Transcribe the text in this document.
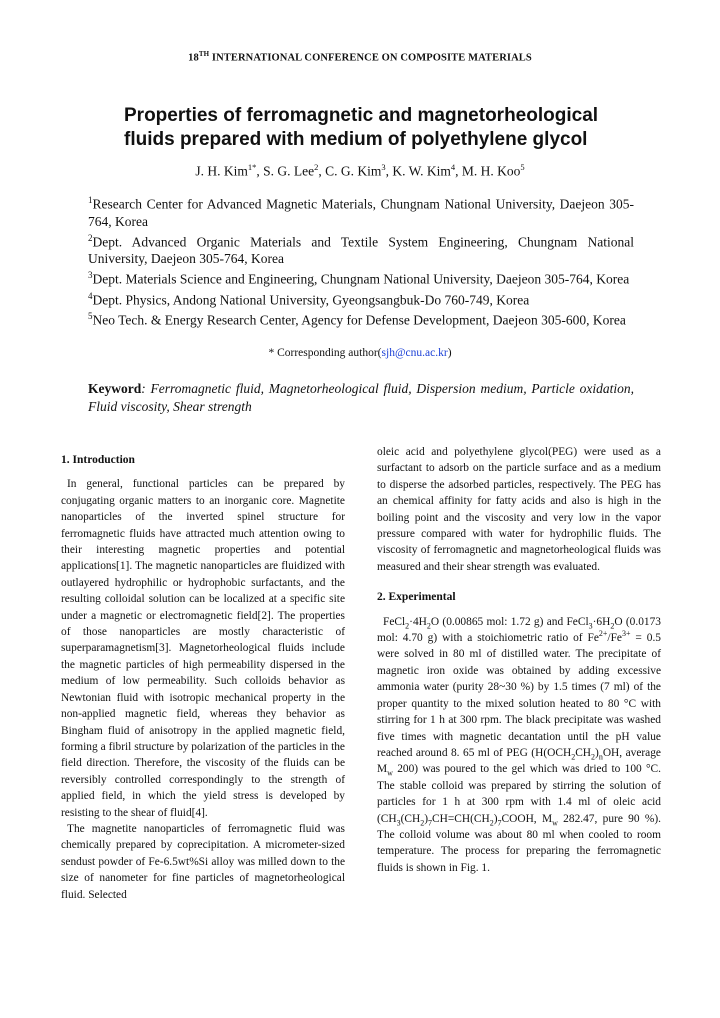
18TH INTERNATIONAL CONFERENCE ON COMPOSITE MATERIALS
Properties of ferromagnetic and magnetorheological fluids prepared with medium of polyethylene glycol
J. H. Kim$^{1*}$, S. G. Lee$^2$, C. G. Kim$^3$, K. W. Kim$^4$, M. H. Koo$^5$
$^1$Research Center for Advanced Magnetic Materials, Chungnam National University, Daejeon 305-764, Korea
$^2$Dept. Advanced Organic Materials and Textile System Engineering, Chungnam National University, Daejeon 305-764, Korea
$^3$Dept. Materials Science and Engineering, Chungnam National University, Daejeon 305-764, Korea
$^4$Dept. Physics, Andong National University, Gyeongsangbuk-Do 760-749, Korea
$^5$Neo Tech. & Energy Research Center, Agency for Defense Development, Daejeon 305-600, Korea
* Corresponding author(sjh@cnu.ac.kr)
Keyword: Ferromagnetic fluid, Magnetorheological fluid, Dispersion medium, Particle oxidation, Fluid viscosity, Shear strength

1. Introduction

In general, functional particles can be prepared by conjugating organic matters to an inorganic core. Magnetite nanoparticles of the inverted spinel structure for ferromagnetic fluids have attracted much attention owing to their interesting magnetic properties and potential applications[1]. The magnetic nanoparticles are fluidized with outlayered hydrophilic or hydrophobic surfactants, and the resulting colloidal solution can be localized at a specific site under a magnetic or electromagnetic field[2]. The properties of those nanoparticles are mostly characteristic of superparamagnetism[3]. Magnetorheological fluids include the magnetic particles of high permeability dispersed in the medium of low permeability. Such colloids behavior as Newtonian fluid with isotropic mechanical property in the non-applied magnetic field, whereas they behavior as Bingham fluid of anisotropy in the applied magnetic field, forming a fibril structure by polarization of the particles in the field direction. Therefore, the viscosity of the fluids can be reversibly controlled correspondingly to the strength of applied field, in which the yield stress is developed by resisting to the shear of fluid[4].

The magnetite nanoparticles of ferromagnetic fluid was chemically prepared by coprecipitation. A micrometer-sized sendust powder of Fe-6.5wt%Si alloy was milled down to the size of nanometer for fine particles of magnetorheological fluid. Selected

oleic acid and polyethylene glycol(PEG) were used as a surfactant to adsorb on the particle surface and as a medium to disperse the adsorbed particles, respectively. The PEG has an chemical affinity for fatty acids and also is high in the boiling point and the viscosity and very low in the vapor pressure compared with water for hydrophilic fluids. The viscosity of ferromagnetic and magnetorheological fluids was measured and their shear strength was evaluated.

2. Experimental

$FeCl_2\cdot 4H_2O$ (0.00865 mol: 1.72 g) and $FeCl_3\cdot 6H_2O$ (0.0173 mol: 4.70 g) with a stoichiometric ratio of $Fe^{2+}/Fe^{3+} = 0.5$ were solved in 80 ml of distilled water. The precipitate of magnetic iron oxide was obtained by adding excessive ammonia water (purity 28~30 %) by 1.5 times (7 ml) of the proper quantity to the mixed solution heated to 80 °C with stirring for 1 h at 300 rpm. The black precipitate was washed five times with magnetic decantation until the pH value reached around 8. 65 ml of PEG ($H(OCH_2CH_2)_nOH$, average $M_w$ 200) was poured to the gel which was dried to 100 °C. The stable colloid was prepared by stirring the solution of particles for 1 h at 300 rpm with 1.4 ml of oleic acid ($CH_3(CH_2)_7CH=CH(CH_2)_7COOH$, $M_w$ 282.47, pure 90 %). The colloid volume was about 80 ml when cooled to room temperature. The process for preparing the ferromagnetic fluids is shown in Fig. 1.
